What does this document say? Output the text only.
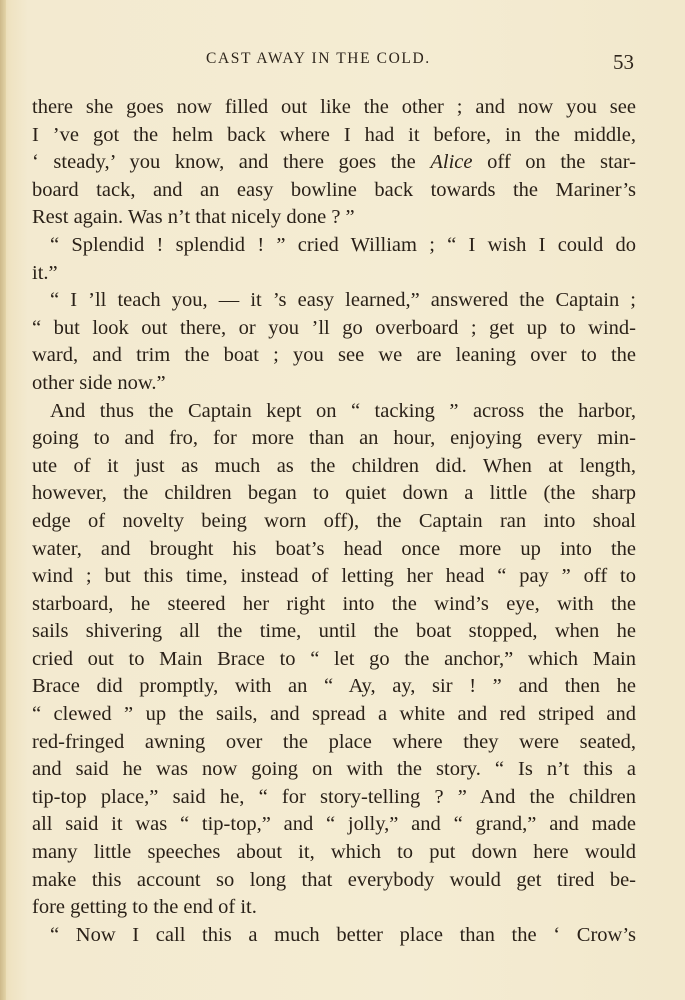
CAST AWAY IN THE COLD.	53
there she goes now filled out like the other ; and now you see
I ’ve got the helm back where I had it before, in the middle,
‘ steady,’ you know, and there goes the Alice off on the star-
board tack, and an easy bowline back towards the Mariner’s
Rest again. Was n’t that nicely done ? ”
“ Splendid ! splendid ! ” cried William ; “ I wish I could do
it.”
“ I ’ll teach you, — it ’s easy learned,” answered the Captain ;
“ but look out there, or you ’ll go overboard ; get up to wind-
ward, and trim the boat ; you see we are leaning over to the
other side now.”
And thus the Captain kept on “ tacking ” across the harbor,
going to and fro, for more than an hour, enjoying every min-
ute of it just as much as the children did. When at length,
however, the children began to quiet down a little (the sharp
edge of novelty being worn off), the Captain ran into shoal
water, and brought his boat’s head once more up into the
wind ; but this time, instead of letting her head “ pay ” off to
starboard, he steered her right into the wind’s eye, with the
sails shivering all the time, until the boat stopped, when he
cried out to Main Brace to “ let go the anchor,” which Main
Brace did promptly, with an “ Ay, ay, sir ! ” and then he
“ clewed ” up the sails, and spread a white and red striped and
red-fringed awning over the place where they were seated,
and said he was now going on with the story. “ Is n’t this a
tip-top place,” said he, “ for story-telling ? ” And the children
all said it was “ tip-top,” and “ jolly,” and “ grand,” and made
many little speeches about it, which to put down here would
make this account so long that everybody would get tired be-
fore getting to the end of it.
“ Now I call this a much better place than the ‘ Crow’s
